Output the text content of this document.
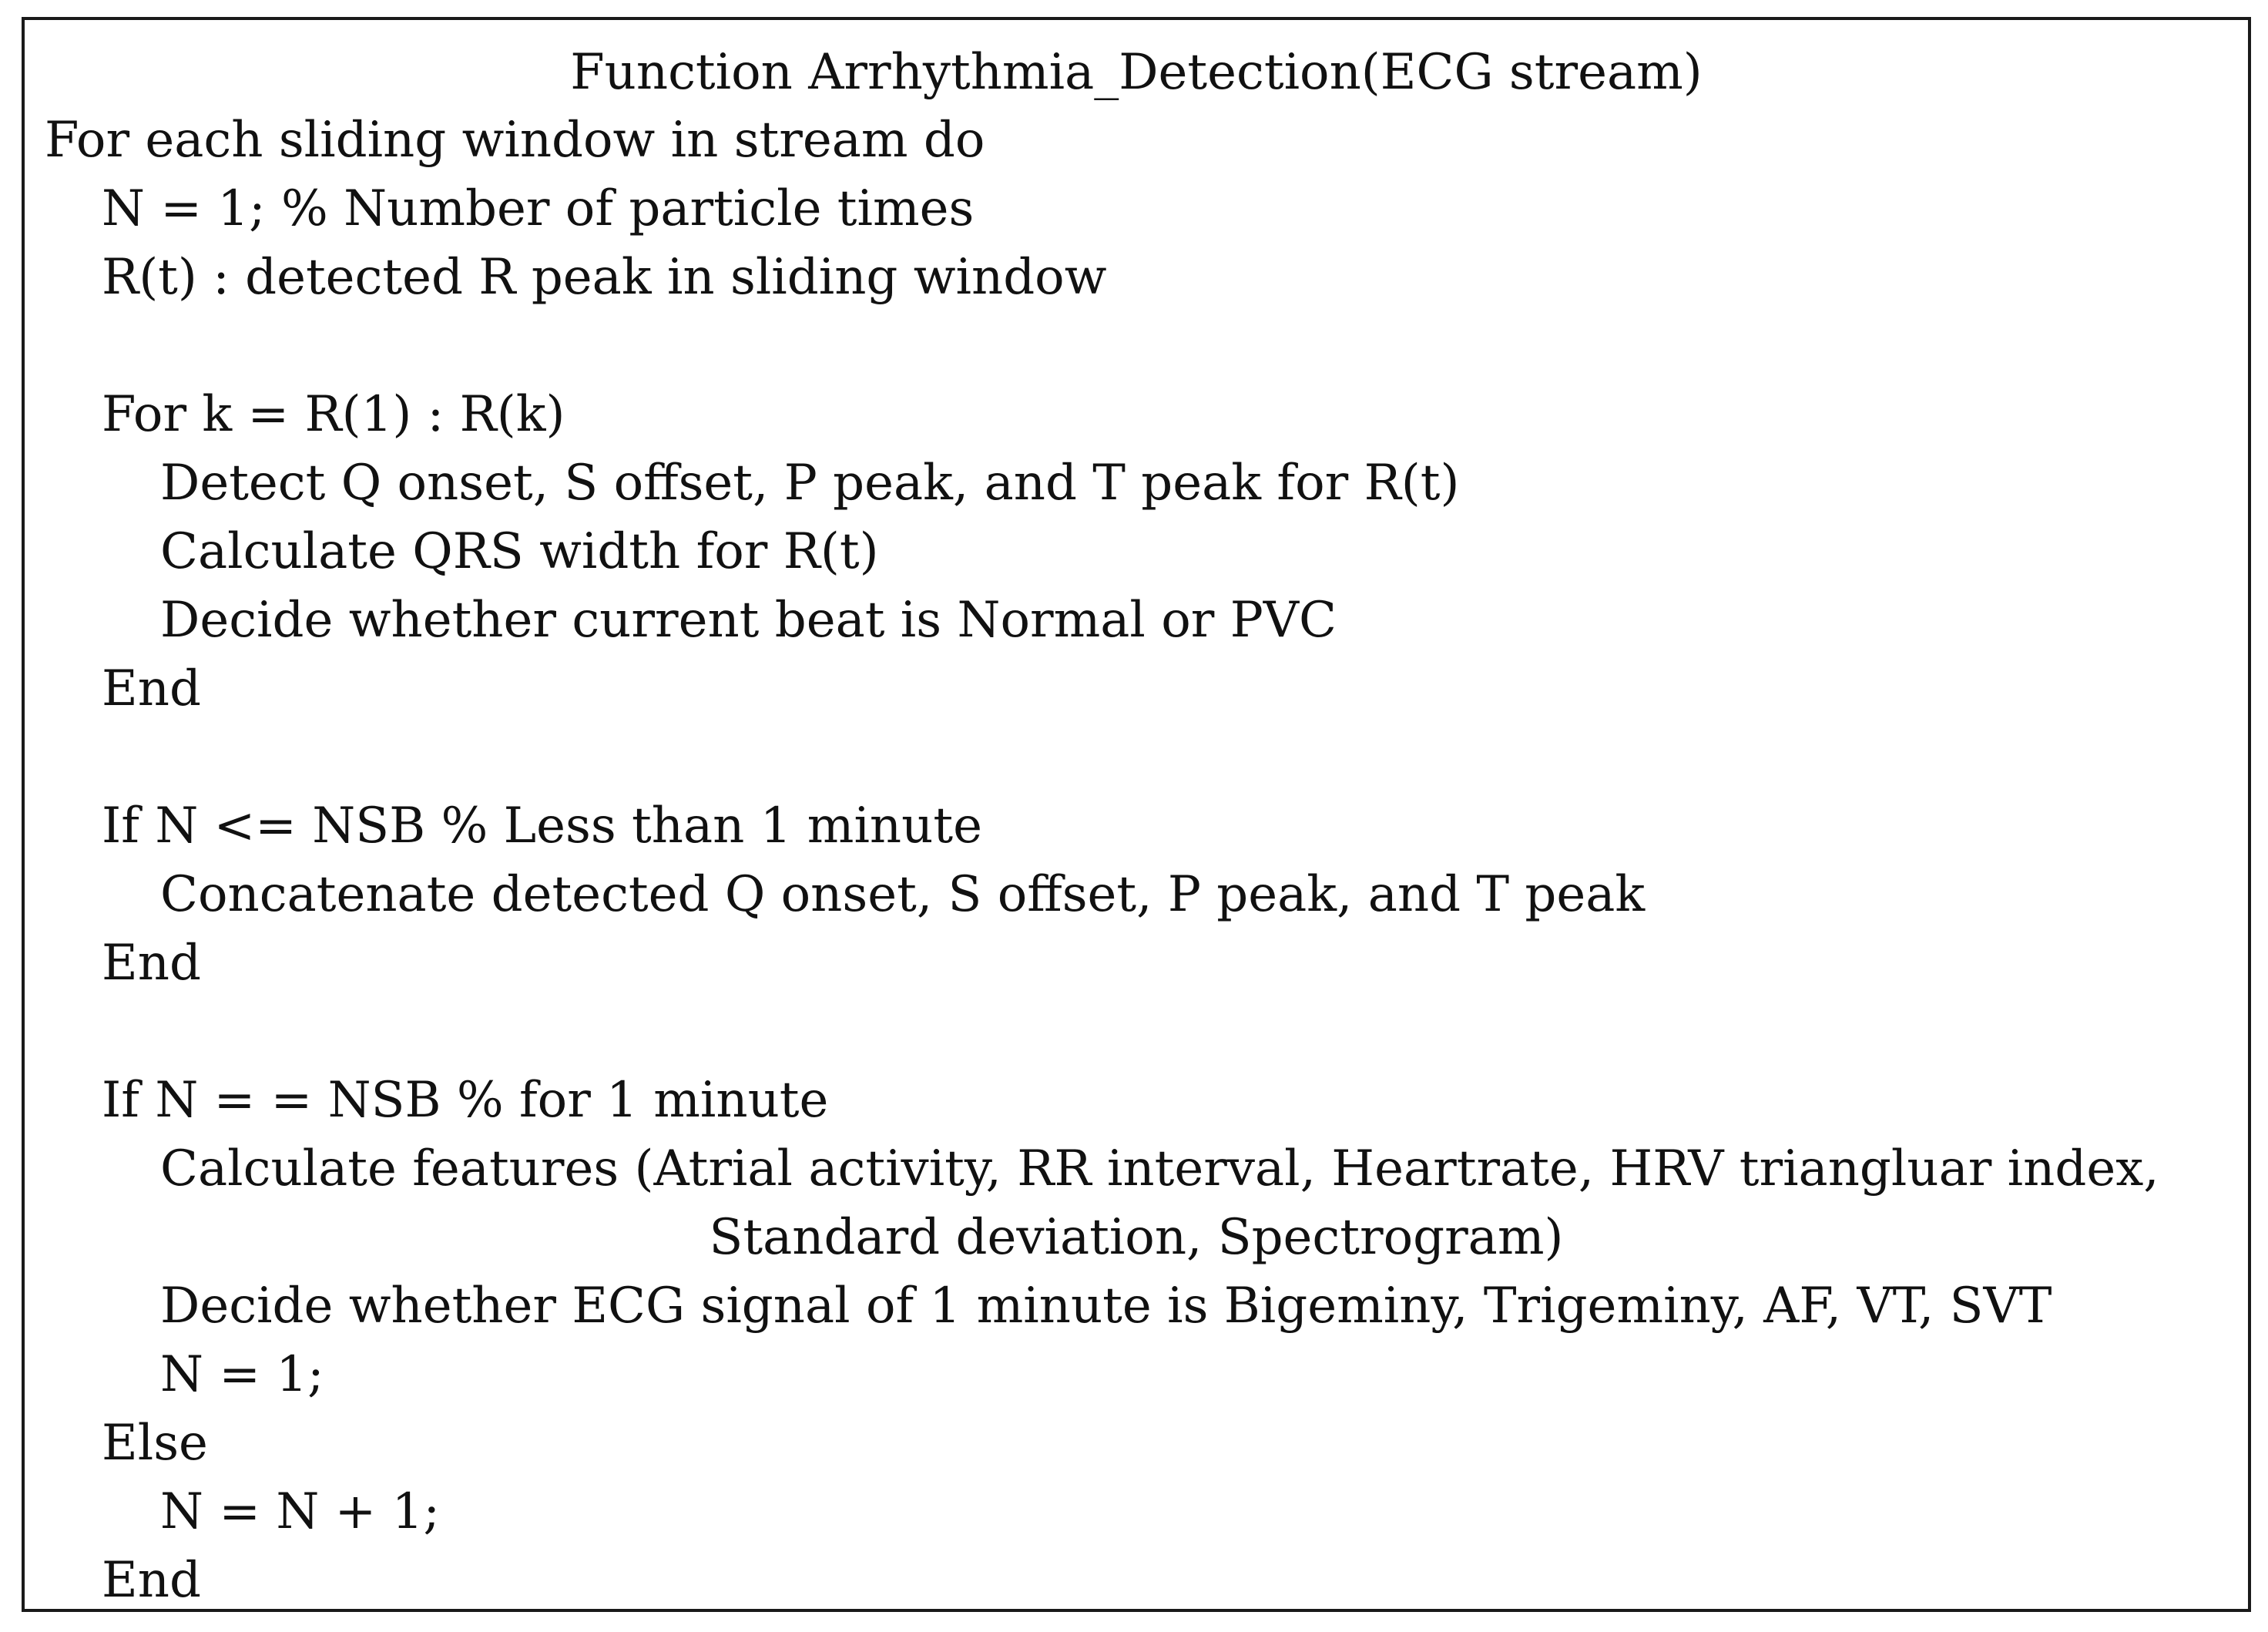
Function Arrhythmia_Detection(ECG stream)
For each sliding window in stream do
N = 1; % Number of particle times
R(t) : detected R peak in sliding window
For k = R(1) : R(k)
Detect Q onset, S offset, P peak, and T peak for R(t)
Calculate QRS width for R(t)
Decide whether current beat is Normal or PVC
End
If N <= NSB % Less than 1 minute
Concatenate detected Q onset, S offset, P peak, and T peak
End
If N = = NSB % for 1 minute
Calculate features (Atrial activity, RR interval, Heartrate, HRV triangluar index,
Standard deviation, Spectrogram)
Decide whether ECG signal of 1 minute is Bigeminy, Trigeminy, AF, VT, SVT
N = 1;
Else
N = N + 1;
End
